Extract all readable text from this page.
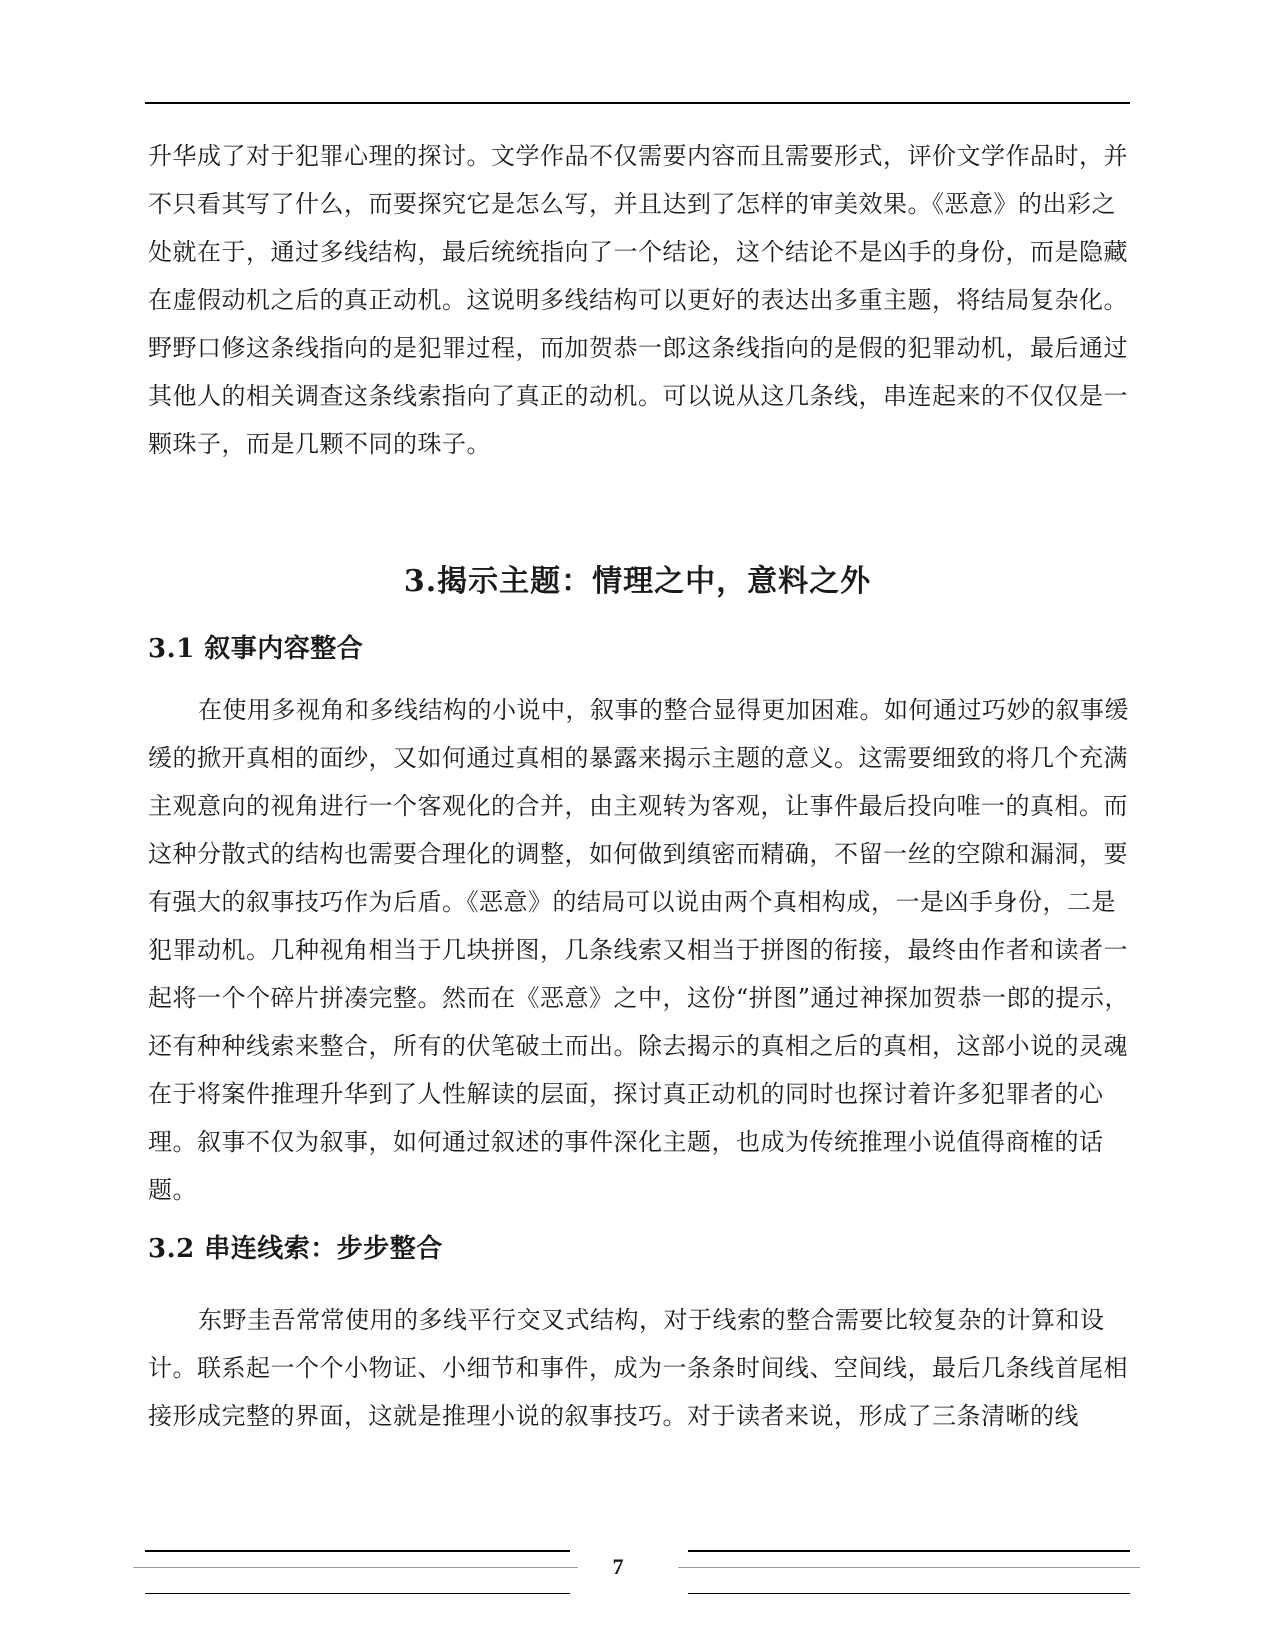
升华成了对于犯罪心理的探讨。文学作品不仅需要内容而且需要形式，评价文学作品时，并不只看其写了什么，而要探究它是怎么写，并且达到了怎样的审美效果。《恶意》的出彩之处就在于，通过多线结构，最后统统指向了一个结论，这个结论不是凶手的身份，而是隐藏在虚假动机之后的真正动机。这说明多线结构可以更好的表达出多重主题，将结局复杂化。野野口修这条线指向的是犯罪过程，而加贺恭一郎这条线指向的是假的犯罪动机，最后通过其他人的相关调查这条线索指向了真正的动机。可以说从这几条线，串连起来的不仅仅是一颗珠子，而是几颗不同的珠子。

3.揭示主题：情理之中，意料之外
3.1 叙事内容整合

在使用多视角和多线结构的小说中，叙事的整合显得更加困难。如何通过巧妙的叙事缓缓的掀开真相的面纱，又如何通过真相的暴露来揭示主题的意义。这需要细致的将几个充满主观意向的视角进行一个客观化的合并，由主观转为客观，让事件最后投向唯一的真相。而这种分散式的结构也需要合理化的调整，如何做到缜密而精确，不留一丝的空隙和漏洞，要有强大的叙事技巧作为后盾。《恶意》的结局可以说由两个真相构成，一是凶手身份，二是犯罪动机。几种视角相当于几块拼图，几条线索又相当于拼图的衔接，最终由作者和读者一起将一个个碎片拼凑完整。然而在《恶意》之中，这份“拼图”通过神探加贺恭一郎的提示，还有种种线索来整合，所有的伏笔破土而出。除去揭示的真相之后的真相，这部小说的灵魂在于将案件推理升华到了人性解读的层面，探讨真正动机的同时也探讨着许多犯罪者的心理。叙事不仅为叙事，如何通过叙述的事件深化主题，也成为传统推理小说值得商榷的话题。

3.2 串连线索：步步整合

东野圭吾常常使用的多线平行交叉式结构，对于线索的整合需要比较复杂的计算和设计。联系起一个个小物证、小细节和事件，成为一条条时间线、空间线，最后几条线首尾相接形成完整的界面，这就是推理小说的叙事技巧。对于读者来说，形成了三条清晰的线

7
